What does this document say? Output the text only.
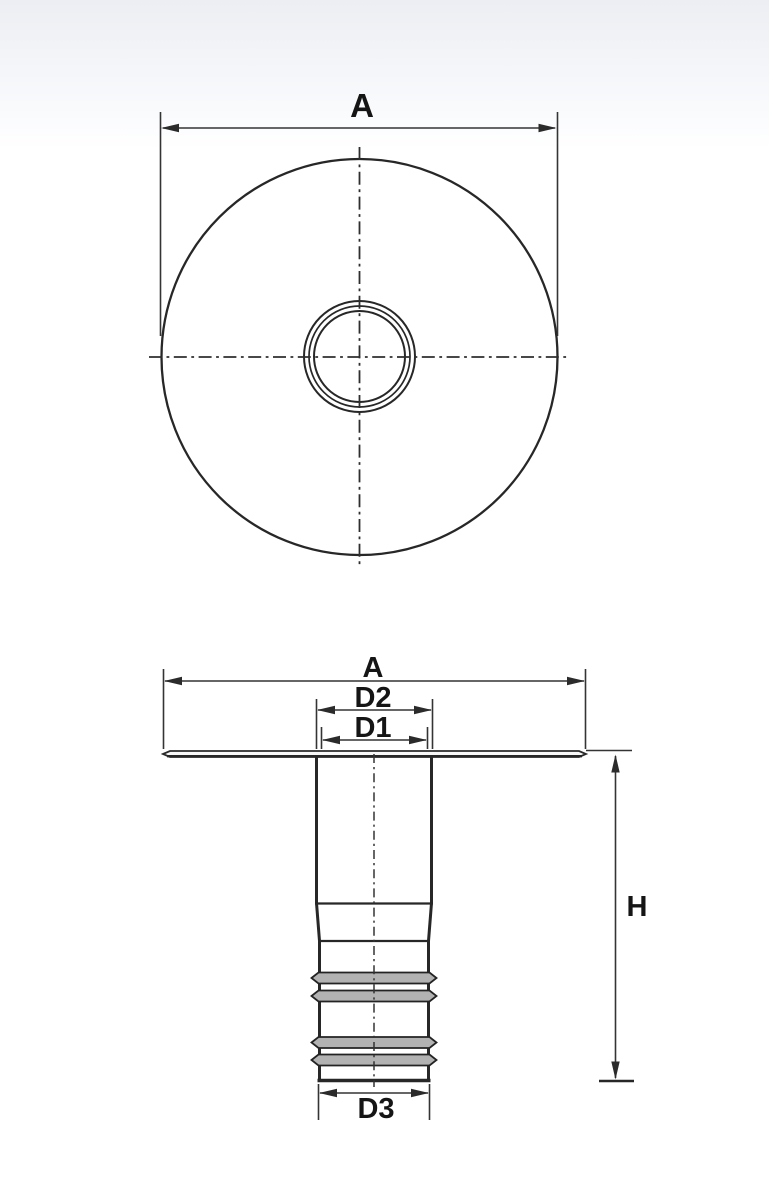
A
A
D2
D1
D3
H
